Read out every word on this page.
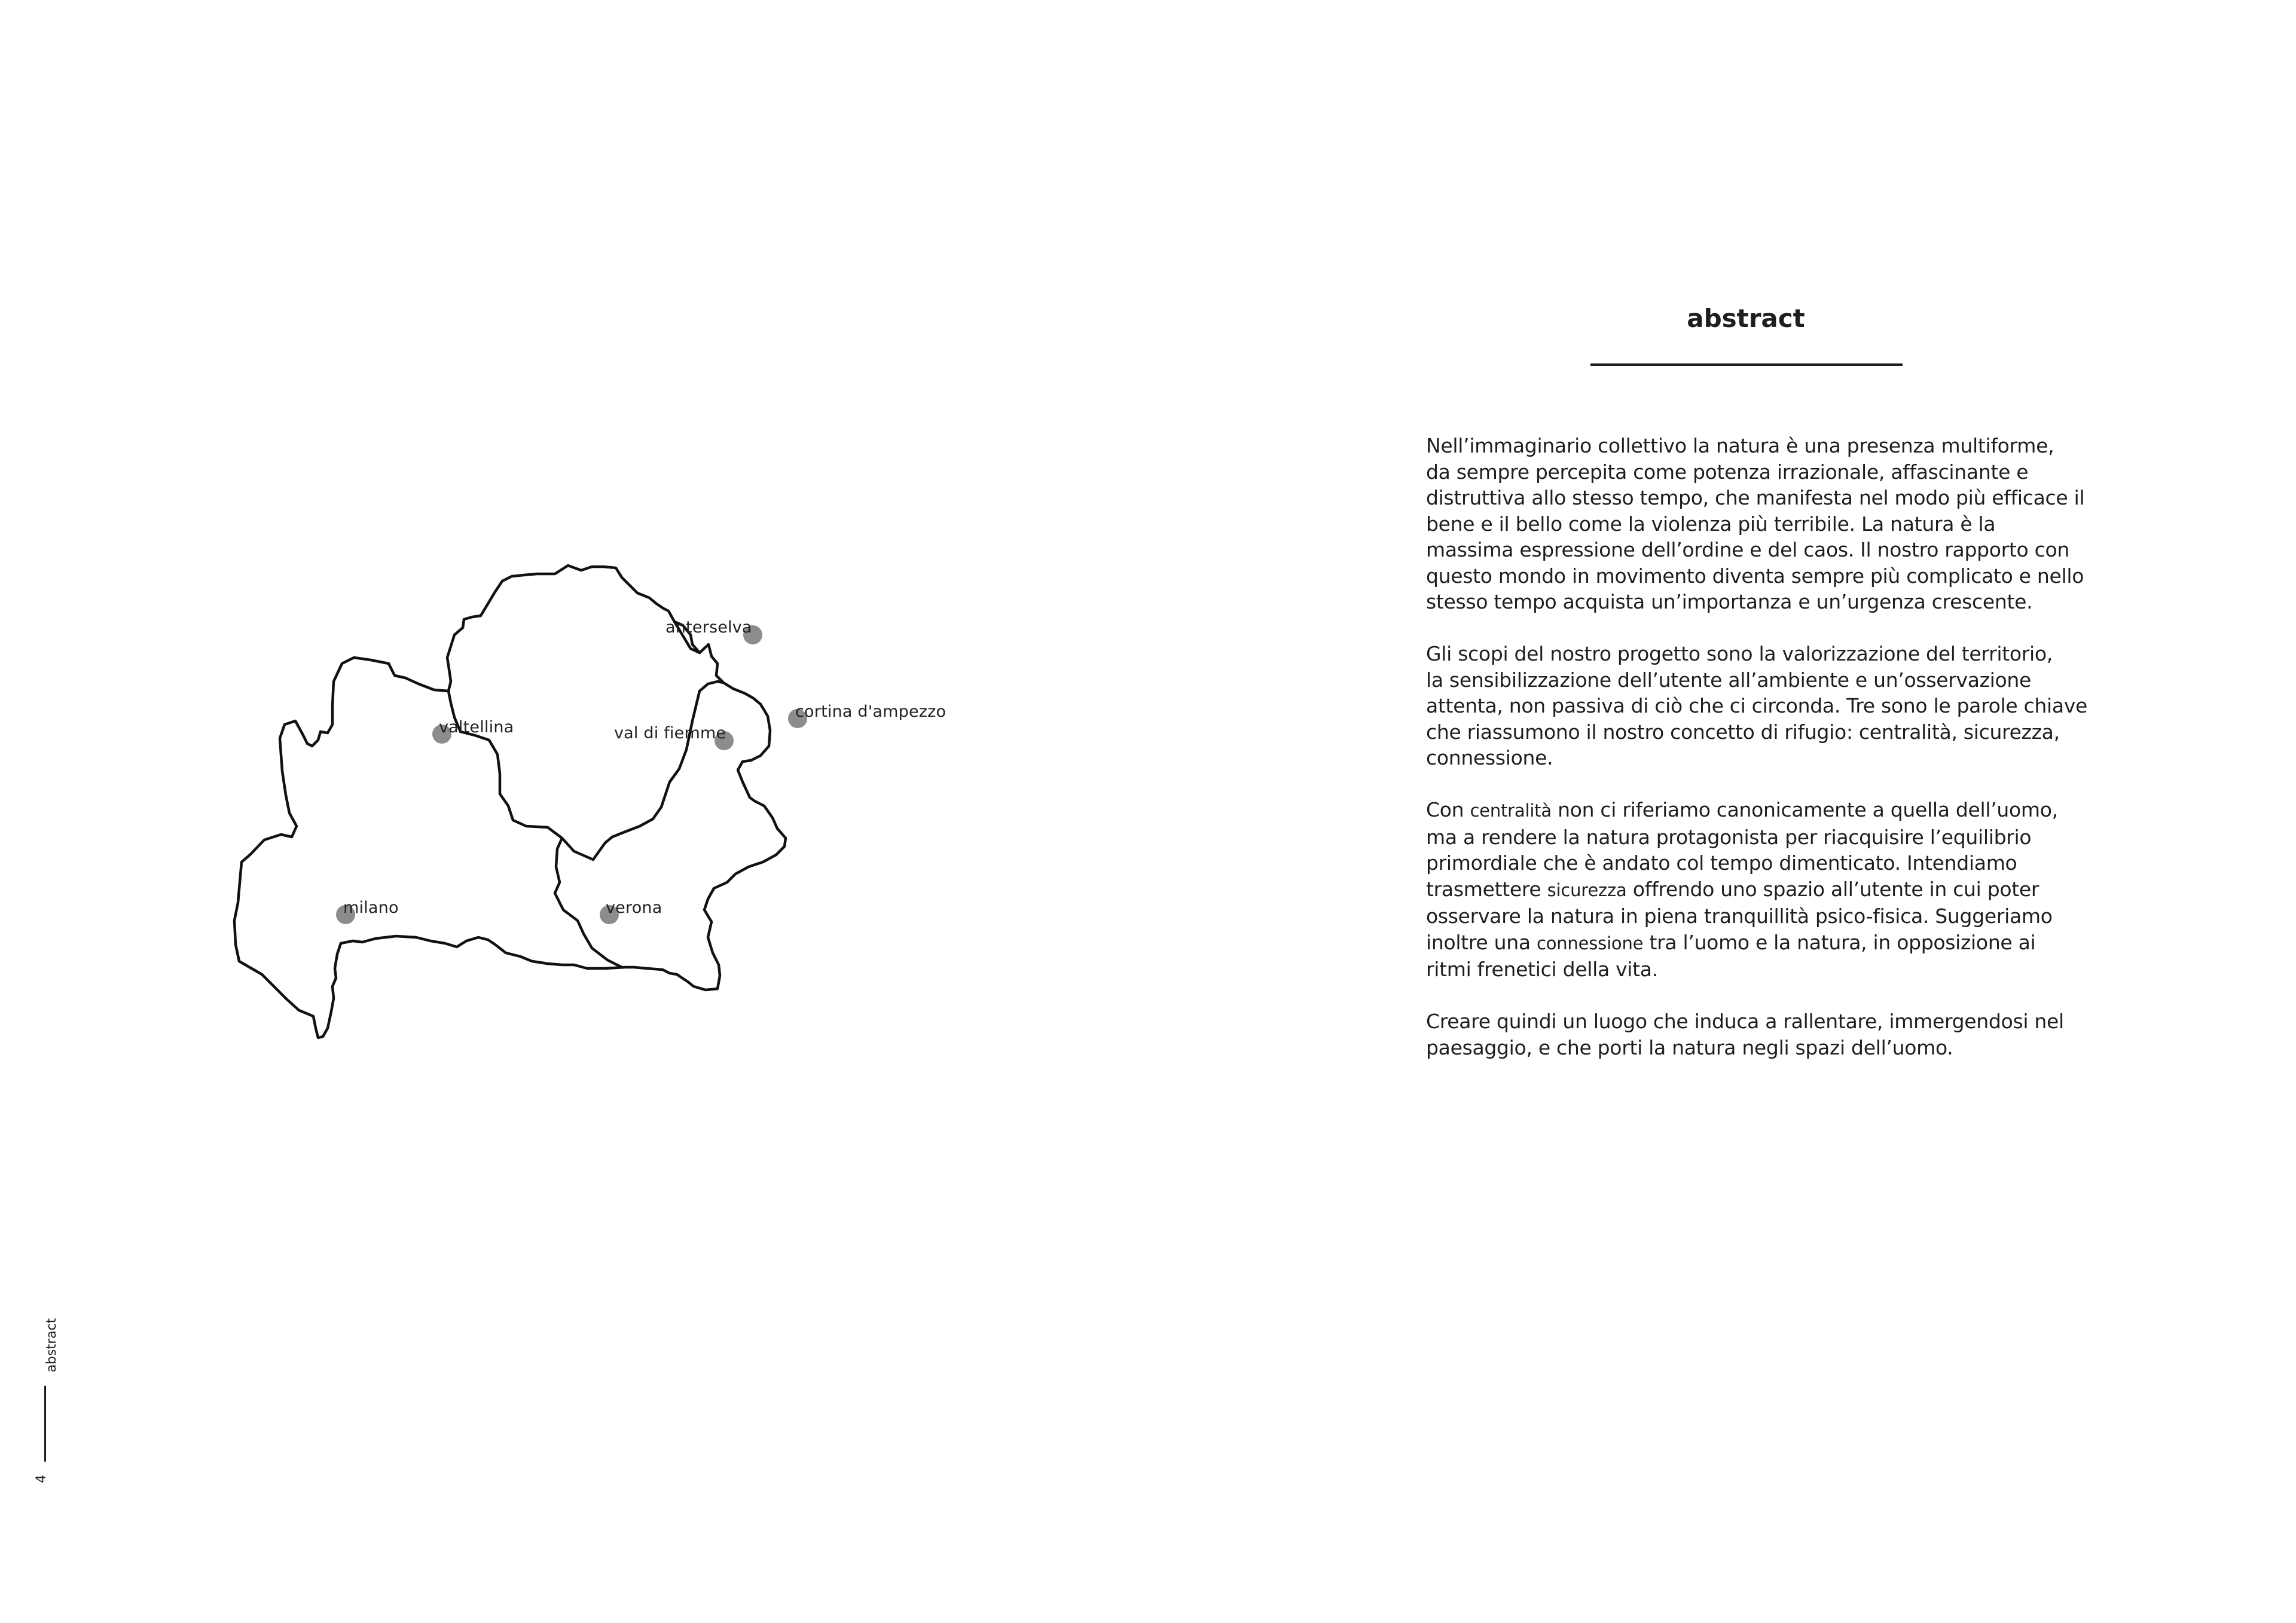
anterselva
valtellina	val di fiemme
cortina d'ampezzo
milano	verona
abstract

Nell’immaginario collettivo la natura è una presenza multiforme,
da sempre percepita come potenza irrazionale, affascinante e
distruttiva allo stesso tempo, che manifesta nel modo più efficace il
bene e il bello come la violenza più terribile. La natura è la
massima espressione dell’ordine e del caos. Il nostro rapporto con
questo mondo in movimento diventa sempre più complicato e nello
stesso tempo acquista un’importanza e un’urgenza crescente.

Gli scopi del nostro progetto sono la valorizzazione del territorio,
la sensibilizzazione dell’utente all’ambiente e un’osservazione
attenta, non passiva di ciò che ci circonda. Tre sono le parole chiave
che riassumono il nostro concetto di rifugio: centralità, sicurezza,
connessione.

Con centralità non ci riferiamo canonicamente a quella dell’uomo,
ma a rendere la natura protagonista per riacquisire l’equilibrio
primordiale che è andato col tempo dimenticato. Intendiamo
trasmettere sicurezza offrendo uno spazio all’utente in cui poter
osservare la natura in piena tranquillità psico-fisica. Suggeriamo
inoltre una connessione tra l’uomo e la natura, in opposizione ai
ritmi frenetici della vita.

Creare quindi un luogo che induca a rallentare, immergendosi nel
paesaggio, e che porti la natura negli spazi dell’uomo.

abstract
4
